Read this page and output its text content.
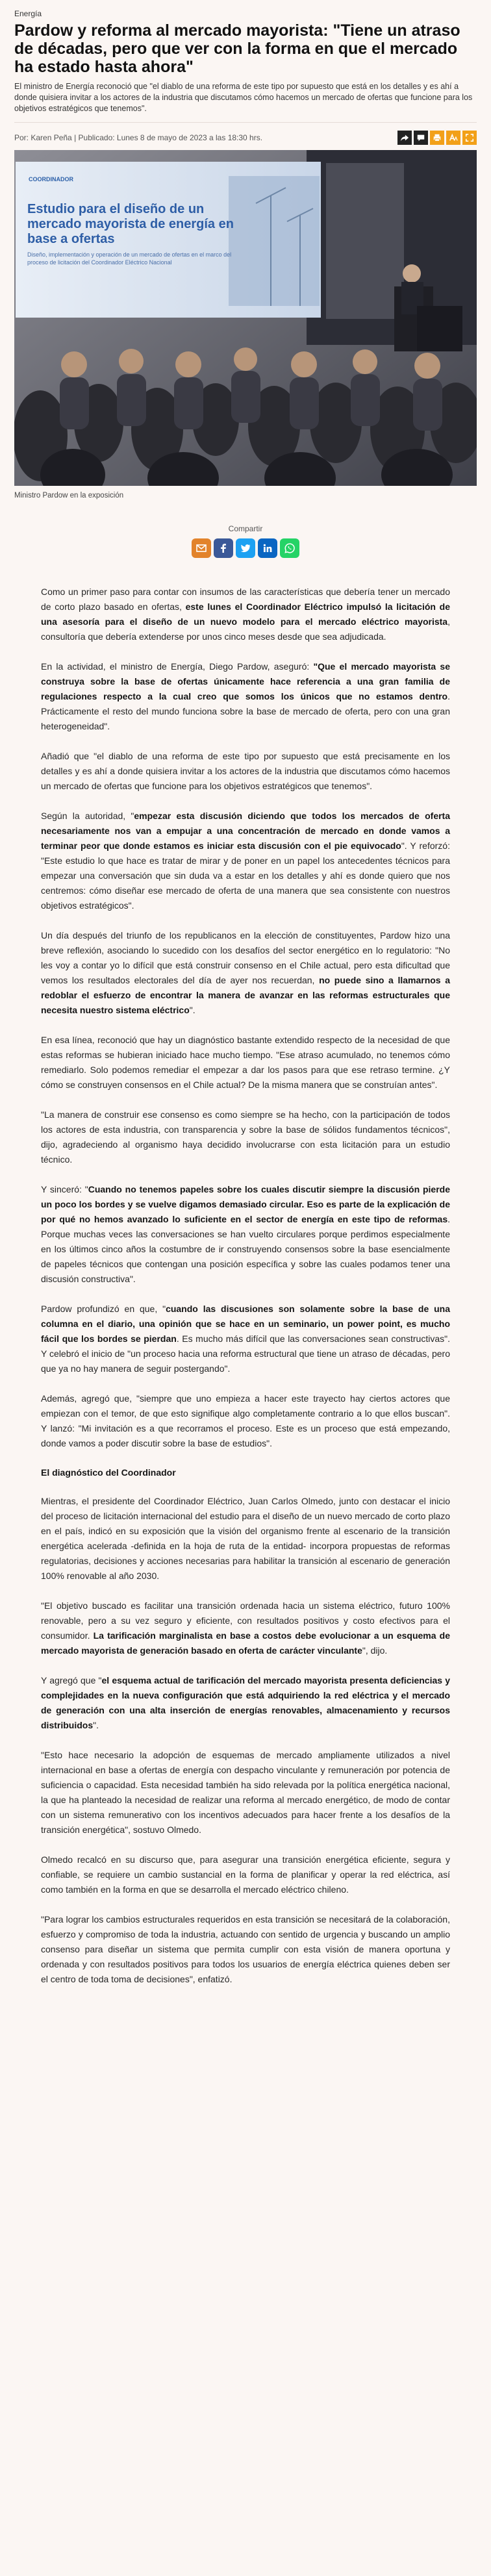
Energía
Pardow y reforma al mercado mayorista: "Tiene un atraso de décadas, pero que ver con la forma en que el mercado ha estado hasta ahora"

El ministro de Energía reconoció que "el diablo de una reforma de este tipo por supuesto que está en los detalles y es ahí a donde quisiera invitar a los actores de la industria que discutamos cómo hacemos un mercado de ofertas que funcione para los objetivos estratégicos que tenemos".

Por: Karen Peña | Publicado: Lunes 8 de mayo de 2023 a las 18:30 hrs.
COORDINADOR
Estudio para el diseño de un mercado mayorista de energía en base a ofertas
Diseño, implementación y operación de un mercado de ofertas en el marco del proceso de licitación del Coordinador Eléctrico Nacional
Ministro Pardow en la exposición
Compartir

Como un primer paso para contar con insumos de las características que debería tener un mercado de corto plazo basado en ofertas, este lunes el Coordinador Eléctrico impulsó la licitación de una asesoría para el diseño de un nuevo modelo para el mercado eléctrico mayorista, consultoría que debería extenderse por unos cinco meses desde que sea adjudicada.

En la actividad, el ministro de Energía, Diego Pardow, aseguró: "Que el mercado mayorista se construya sobre la base de ofertas únicamente hace referencia a una gran familia de regulaciones respecto a la cual creo que somos los únicos que no estamos dentro. Prácticamente el resto del mundo funciona sobre la base de mercado de oferta, pero con una gran heterogeneidad".

Añadió que "el diablo de una reforma de este tipo por supuesto que está precisamente en los detalles y es ahí a donde quisiera invitar a los actores de la industria que discutamos cómo hacemos un mercado de ofertas que funcione para los objetivos estratégicos que tenemos".

Según la autoridad, "empezar esta discusión diciendo que todos los mercados de oferta necesariamente nos van a empujar a una concentración de mercado en donde vamos a terminar peor que donde estamos es iniciar esta discusión con el pie equivocado". Y reforzó: "Este estudio lo que hace es tratar de mirar y de poner en un papel los antecedentes técnicos para empezar una conversación que sin duda va a estar en los detalles y ahí es donde quiero que nos centremos: cómo diseñar ese mercado de oferta de una manera que sea consistente con nuestros objetivos estratégicos".

Un día después del triunfo de los republicanos en la elección de constituyentes, Pardow hizo una breve reflexión, asociando lo sucedido con los desafíos del sector energético en lo regulatorio: "No les voy a contar yo lo difícil que está construir consenso en el Chile actual, pero esta dificultad que vemos los resultados electorales del día de ayer nos recuerdan, no puede sino a llamarnos a redoblar el esfuerzo de encontrar la manera de avanzar en las reformas estructurales que necesita nuestro sistema eléctrico".

En esa línea, reconoció que hay un diagnóstico bastante extendido respecto de la necesidad de que estas reformas se hubieran iniciado hace mucho tiempo. "Ese atraso acumulado, no tenemos cómo remediarlo. Solo podemos remediar el empezar a dar los pasos para que ese retraso termine. ¿Y cómo se construyen consensos en el Chile actual? De la misma manera que se construían antes".

"La manera de construir ese consenso es como siempre se ha hecho, con la participación de todos los actores de esta industria, con transparencia y sobre la base de sólidos fundamentos técnicos", dijo, agradeciendo al organismo haya decidido involucrarse con esta licitación para un estudio técnico.

Y sinceró: "Cuando no tenemos papeles sobre los cuales discutir siempre la discusión pierde un poco los bordes y se vuelve digamos demasiado circular. Eso es parte de la explicación de por qué no hemos avanzado lo suficiente en el sector de energía en este tipo de reformas. Porque muchas veces las conversaciones se han vuelto circulares porque perdimos especialmente en los últimos cinco años la costumbre de ir construyendo consensos sobre la base esencialmente de papeles técnicos que contengan una posición específica y sobre las cuales podamos tener una discusión constructiva".

Pardow profundizó en que, "cuando las discusiones son solamente sobre la base de una columna en el diario, una opinión que se hace en un seminario, un power point, es mucho fácil que los bordes se pierdan. Es mucho más difícil que las conversaciones sean constructivas". Y celebró el inicio de "un proceso hacia una reforma estructural que tiene un atraso de décadas, pero que ya no hay manera de seguir postergando".

Además, agregó que, "siempre que uno empieza a hacer este trayecto hay ciertos actores que empiezan con el temor, de que esto signifique algo completamente contrario a lo que ellos buscan". Y lanzó: "Mi invitación es a que recorramos el proceso. Este es un proceso que está empezando, donde vamos a poder discutir sobre la base de estudios".

El diagnóstico del Coordinador

Mientras, el presidente del Coordinador Eléctrico, Juan Carlos Olmedo, junto con destacar el inicio del proceso de licitación internacional del estudio para el diseño de un nuevo mercado de corto plazo en el país, indicó en su exposición que la visión del organismo frente al escenario de la transición energética acelerada -definida en la hoja de ruta de la entidad- incorpora propuestas de reformas regulatorias, decisiones y acciones necesarias para habilitar la transición al escenario de generación 100% renovable al año 2030.

"El objetivo buscado es facilitar una transición ordenada hacia un sistema eléctrico, futuro 100% renovable, pero a su vez seguro y eficiente, con resultados positivos y costo efectivos para el consumidor. La tarificación marginalista en base a costos debe evolucionar a un esquema de mercado mayorista de generación basado en oferta de carácter vinculante", dijo.

Y agregó que "el esquema actual de tarificación del mercado mayorista presenta deficiencias y complejidades en la nueva configuración que está adquiriendo la red eléctrica y el mercado de generación con una alta inserción de energías renovables, almacenamiento y recursos distribuidos".

"Esto hace necesario la adopción de esquemas de mercado ampliamente utilizados a nivel internacional en base a ofertas de energía con despacho vinculante y remuneración por potencia de suficiencia o capacidad. Esta necesidad también ha sido relevada por la política energética nacional, la que ha planteado la necesidad de realizar una reforma al mercado energético, de modo de contar con un sistema remunerativo con los incentivos adecuados para hacer frente a los desafíos de la transición energética", sostuvo Olmedo.

Olmedo recalcó en su discurso que, para asegurar una transición energética eficiente, segura y confiable, se requiere un cambio sustancial en la forma de planificar y operar la red eléctrica, así como también en la forma en que se desarrolla el mercado eléctrico chileno.

"Para lograr los cambios estructurales requeridos en esta transición se necesitará de la colaboración, esfuerzo y compromiso de toda la industria, actuando con sentido de urgencia y buscando un amplio consenso para diseñar un sistema que permita cumplir con esta visión de manera oportuna y ordenada y con resultados positivos para todos los usuarios de energía eléctrica quienes deben ser el centro de toda toma de decisiones", enfatizó.
